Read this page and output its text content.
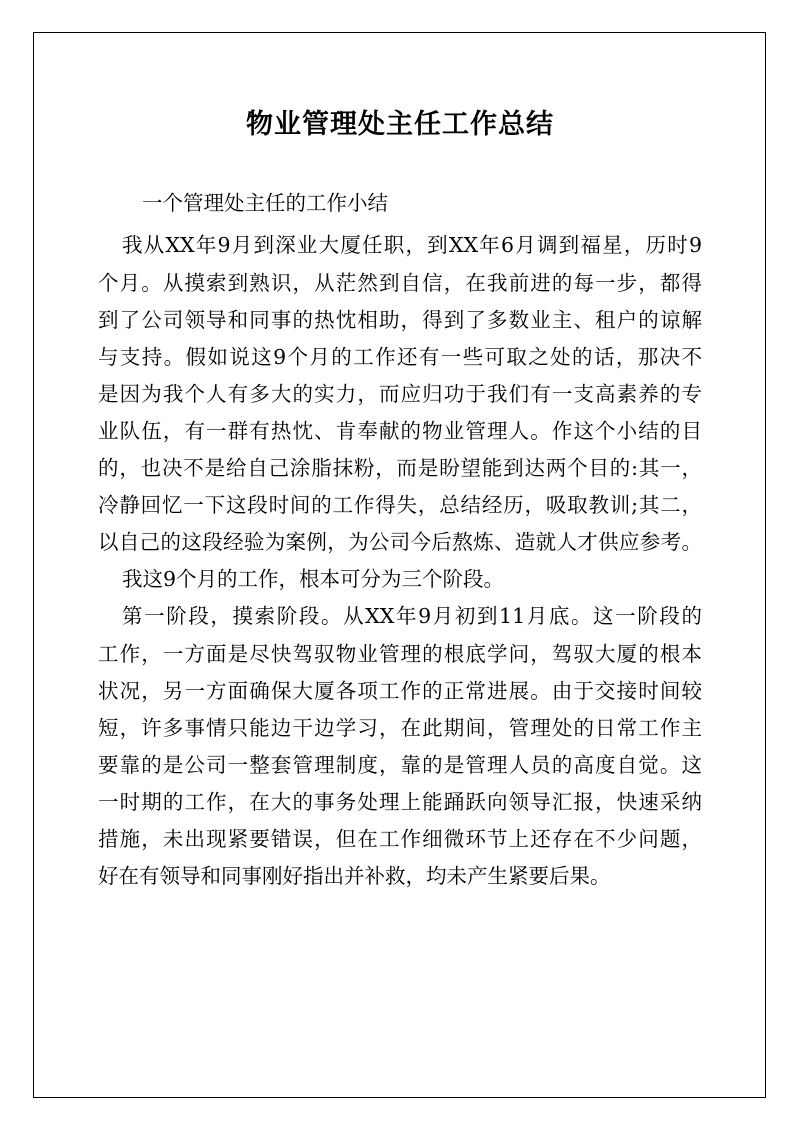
物业管理处主任工作总结

一个管理处主任的工作小结

我从XX年9月到深业大厦任职，到XX年6月调到福星，历时9

个月。从摸索到熟识，从茫然到自信，在我前进的每一步，都得

到了公司领导和同事的热忱相助，得到了多数业主、租户的谅解

与支持。假如说这9个月的工作还有一些可取之处的话，那决不

是因为我个人有多大的实力，而应归功于我们有一支高素养的专

业队伍，有一群有热忱、肯奉献的物业管理人。作这个小结的目

的，也决不是给自己涂脂抹粉，而是盼望能到达两个目的:其一，

冷静回忆一下这段时间的工作得失，总结经历，吸取教训;其二，

以自己的这段经验为案例，为公司今后熬炼、造就人才供应参考。

我这9个月的工作，根本可分为三个阶段。

第一阶段，摸索阶段。从XX年9月初到11月底。这一阶段的

工作，一方面是尽快驾驭物业管理的根底学问，驾驭大厦的根本

状况，另一方面确保大厦各项工作的正常进展。由于交接时间较

短，许多事情只能边干边学习，在此期间，管理处的日常工作主

要靠的是公司一整套管理制度，靠的是管理人员的高度自觉。这

一时期的工作，在大的事务处理上能踊跃向领导汇报，快速采纳

措施，未出现紧要错误，但在工作细微环节上还存在不少问题，

好在有领导和同事刚好指出并补救，均未产生紧要后果。
